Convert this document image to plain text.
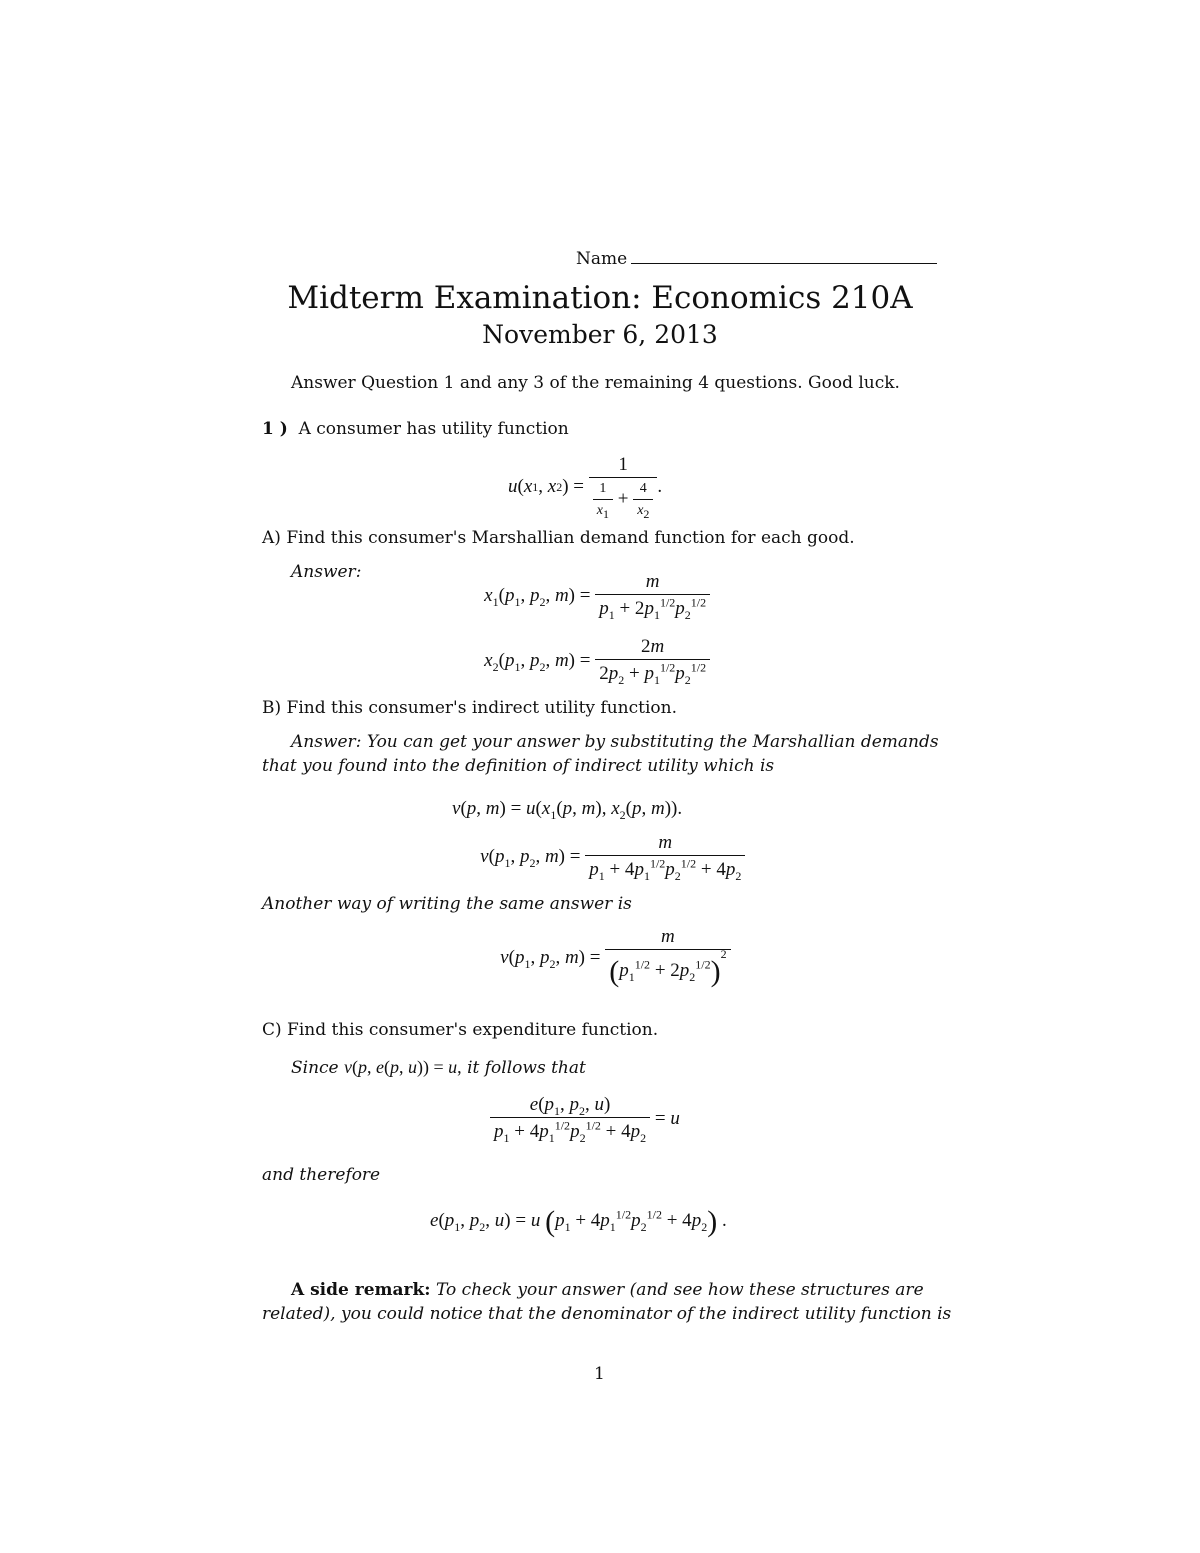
Name
Midterm Examination: Economics 210A
November 6, 2013
Answer Question 1 and any 3 of the remaining 4 questions. Good luck.
1 ) A consumer has utility function
u ( x 1 ,
x 2 ) = $\frac{1}{\frac{1}{x_1} + \frac{4}{x_2}}$ .
A) Find this consumer's Marshallian demand function for each good.
Answer:
$x_1(p_1$, $p_2$, $m) = \frac{m}{p_1 + 2p_1^{1/2}p_2^{1/2}}$
$x_2(p_1$, $p_2$, $m) = \frac{2m}{2p_2 + p_1^{1/2}p_2^{1/2}}$
B) Find this consumer's indirect utility function.
Answer: You can get your answer by substituting the Marshallian demands
that you found into the definition of indirect utility which is
v(p, $m) = u(x_1(p$, m), $x_2(p$, m)).
$v(p_1$, $p_2$, $m) = \frac{m}{p_1 + 4p_1^{1/2}p_2^{1/2} + 4p_2}$
Another way of writing the same answer is
$v(p_1$, $p_2$, $m) = \frac{m}{(p_1^{1/2} + 2p_2^{1/2})^2}$
C) Find this consumer's expenditure function.
Since v(p, e(p, u)) = u, it follows that
$\frac{e(p_1, p_2, u)}{p_1 + 4p_1^{1/2}p_2^{1/2} + 4p_2} = u$
and therefore
$e(p_1$, $p_2$, u) = u $(p_1 + 4p_1^{1/2}p_2^{1/2} + 4p_2)$ .
A side remark: To check your answer (and see how these structures are
related), you could notice that the denominator of the indirect utility function is
1
